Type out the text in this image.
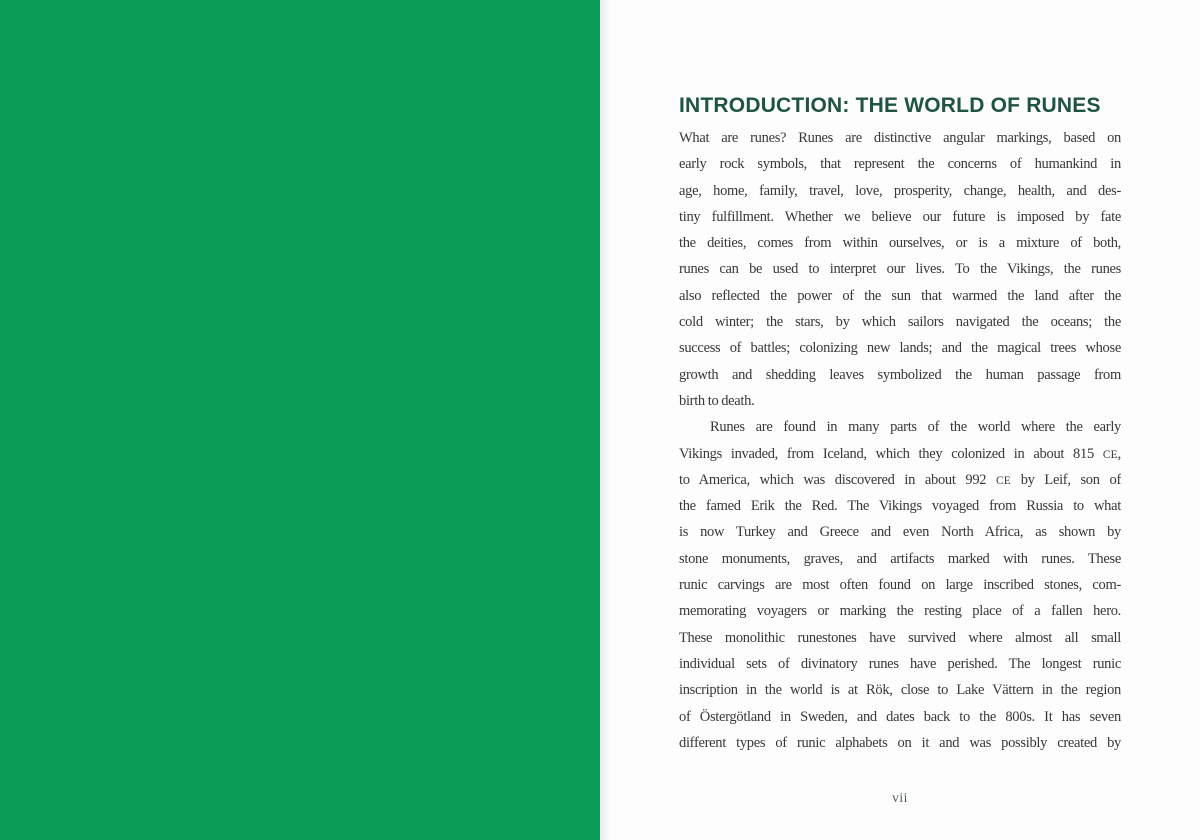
INTRODUCTION: THE WORLD OF RUNES
What are runes? Runes are distinctive angular markings, based on
early rock symbols, that represent the concerns of humankind in
age, home, family, travel, love, prosperity, change, health, and des-
tiny fulfillment. Whether we believe our future is imposed by fate
the deities, comes from within ourselves, or is a mixture of both,
runes can be used to interpret our lives. To the Vikings, the runes
also reflected the power of the sun that warmed the land after the
cold winter; the stars, by which sailors navigated the oceans; the
success of battles; colonizing new lands; and the magical trees whose
growth and shedding leaves symbolized the human passage from
birth to death.
Runes are found in many parts of the world where the early
Vikings invaded, from Iceland, which they colonized in about 815 CE,
to America, which was discovered in about 992 CE by Leif, son of
the famed Erik the Red. The Vikings voyaged from Russia to what
is now Turkey and Greece and even North Africa, as shown by
stone monuments, graves, and artifacts marked with runes. These
runic carvings are most often found on large inscribed stones, com-
memorating voyagers or marking the resting place of a fallen hero.
These monolithic runestones have survived where almost all small
individual sets of divinatory runes have perished. The longest runic
inscription in the world is at Rök, close to Lake Vättern in the region
of Östergötland in Sweden, and dates back to the 800s. It has seven
different types of runic alphabets on it and was possibly created by
vii
